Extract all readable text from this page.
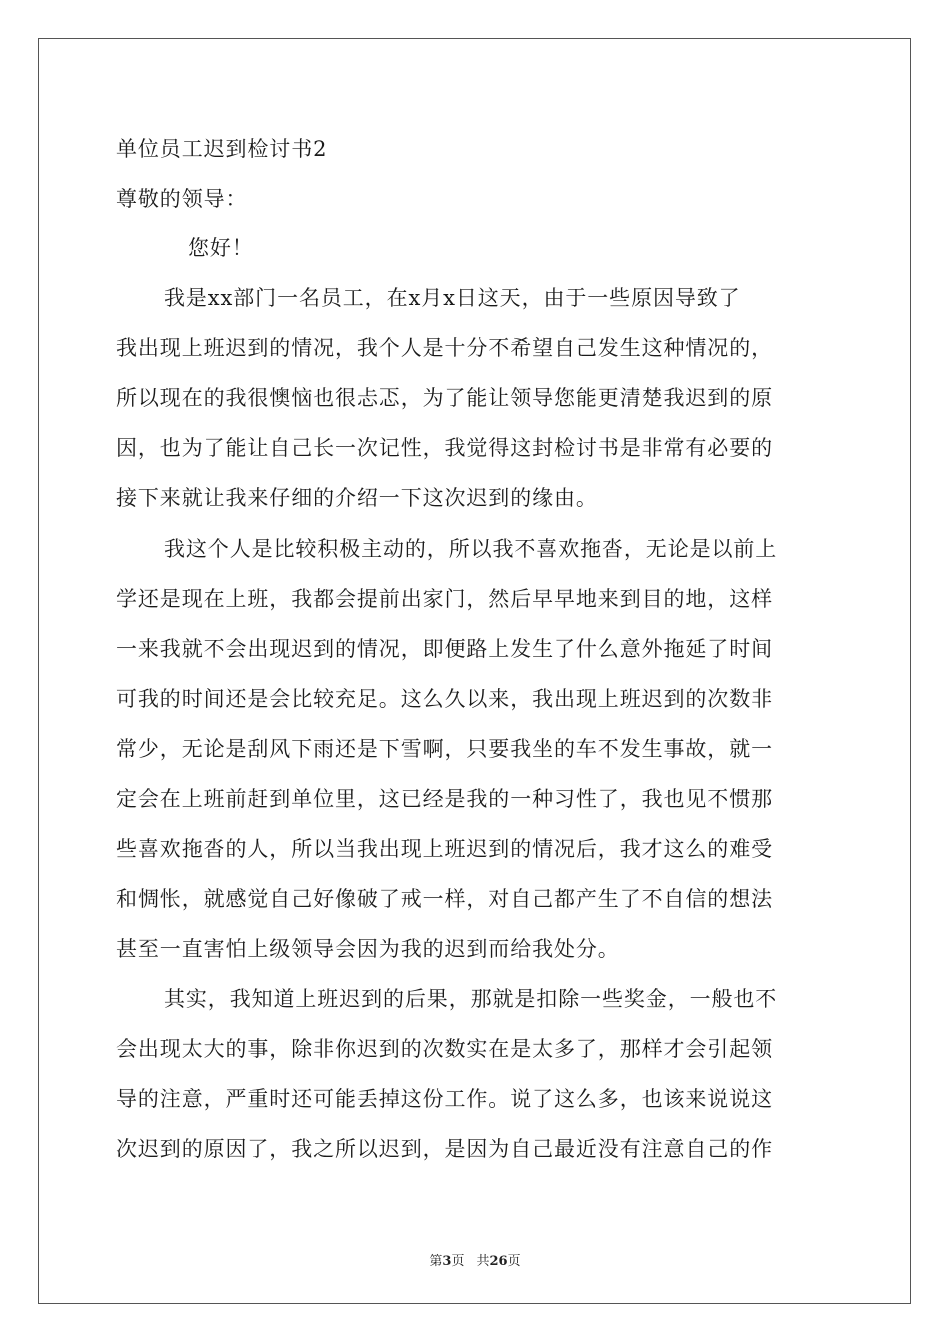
单位员工迟到检讨书2
尊敬的领导：
您好！
我是xx部门一名员工，在x月x日这天，由于一些原因导致了
我出现上班迟到的情况，我个人是十分不希望自己发生这种情况的，
所以现在的我很懊恼也很忐忑，为了能让领导您能更清楚我迟到的原
因，也为了能让自己长一次记性，我觉得这封检讨书是非常有必要的
接下来就让我来仔细的介绍一下这次迟到的缘由。
我这个人是比较积极主动的，所以我不喜欢拖沓，无论是以前上
学还是现在上班，我都会提前出家门，然后早早地来到目的地，这样
一来我就不会出现迟到的情况，即便路上发生了什么意外拖延了时间
可我的时间还是会比较充足。这么久以来，我出现上班迟到的次数非
常少，无论是刮风下雨还是下雪啊，只要我坐的车不发生事故，就一
定会在上班前赶到单位里，这已经是我的一种习性了，我也见不惯那
些喜欢拖沓的人，所以当我出现上班迟到的情况后，我才这么的难受
和惆怅，就感觉自己好像破了戒一样，对自己都产生了不自信的想法
甚至一直害怕上级领导会因为我的迟到而给我处分。
其实，我知道上班迟到的后果，那就是扣除一些奖金，一般也不
会出现太大的事，除非你迟到的次数实在是太多了，那样才会引起领
导的注意，严重时还可能丢掉这份工作。说了这么多，也该来说说这
次迟到的原因了，我之所以迟到，是因为自己最近没有注意自己的作
第3页 共26页
